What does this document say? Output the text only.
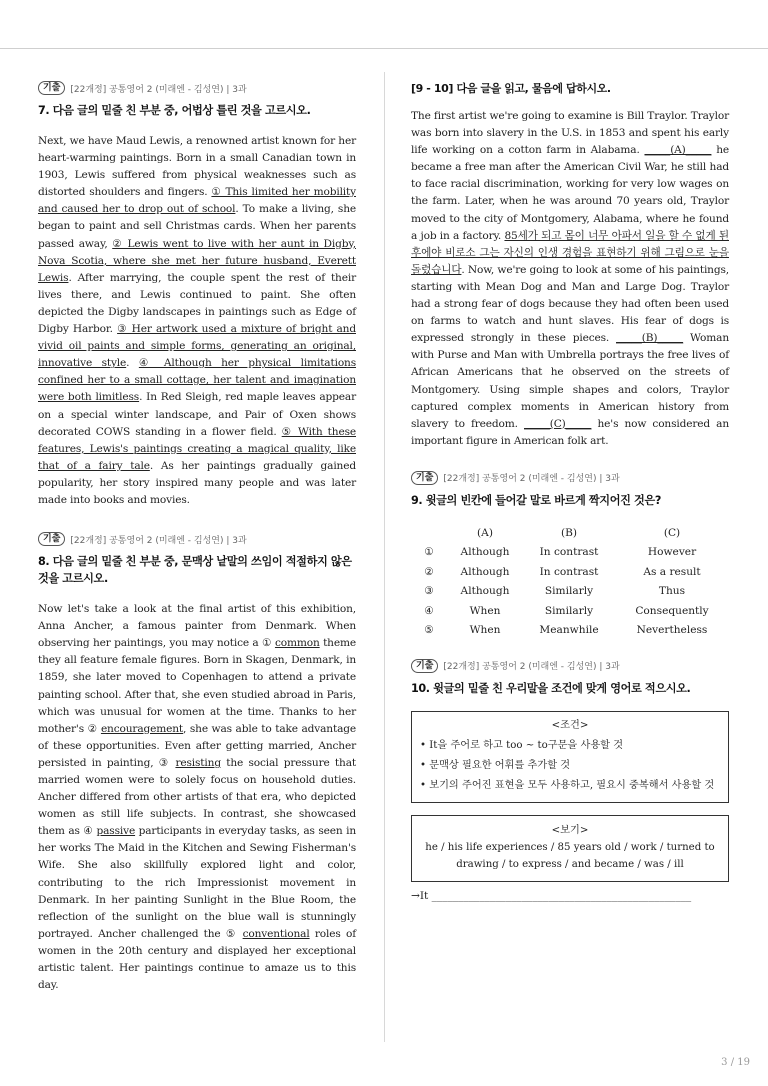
기출	[22개정] 공통영어 2 (미래엔 - 김성연) | 3과
7. 다음 글의 밑줄 친 부분 중, 어법상 틀린 것을 고르시오.

Next, we have Maud Lewis, a renowned artist known for her heart-warming paintings. Born in a small Canadian town in 1903, Lewis suffered from physical weaknesses such as distorted shoulders and fingers. ① This limited her mobility and caused her to drop out of school. To make a living, she began to paint and sell Christmas cards. When her parents passed away, ② Lewis went to live with her aunt in Digby, Nova Scotia, where she met her future husband, Everett Lewis. After marrying, the couple spent the rest of their lives there, and Lewis continued to paint. She often depicted the Digby landscapes in paintings such as Edge of Digby Harbor. ③ Her artwork used a mixture of bright and vivid oil paints and simple forms, generating an original, innovative style. ④ Although her physical limitations confined her to a small cottage, her talent and imagination were both limitless. In Red Sleigh, red maple leaves appear on a special winter landscape, and Pair of Oxen shows decorated COWS standing in a flower field. ⑤ With these features, Lewis's paintings creating a magical quality, like that of a fairy tale. As her paintings gradually gained popularity, her story inspired many people and was later made into books and movies.

기출	[22개정] 공통영어 2 (미래엔 - 김성연) | 3과
8. 다음 글의 밑줄 친 부분 중, 문맥상 낱말의 쓰임이 적절하지 않은 것을 고르시오.

Now let's take a look at the final artist of this exhibition, Anna Ancher, a famous painter from Denmark. When observing her paintings, you may notice a ① common theme they all feature female figures. Born in Skagen, Denmark, in 1859, she later moved to Copenhagen to attend a private painting school. After that, she even studied abroad in Paris, which was unusual for women at the time. Thanks to her mother's ② encouragement, she was able to take advantage of these opportunities. Even after getting married, Ancher persisted in painting, ③ resisting the social pressure that married women were to solely focus on household duties. Ancher differed from other artists of that era, who depicted women as still life subjects. In contrast, she showcased them as ④ passive participants in everyday tasks, as seen in her works The Maid in the Kitchen and Sewing Fisherman's Wife. She also skillfully explored light and color, contributing to the rich Impressionist movement in Denmark. In her painting Sunlight in the Blue Room, the reflection of the sunlight on the blue wall is stunningly portrayed. Ancher challenged the ⑤ conventional roles of women in the 20th century and displayed her exceptional artistic talent. Her paintings continue to amaze us to this day.

[9 - 10] 다음 글을 읽고, 물음에 답하시오.

The first artist we're going to examine is Bill Traylor. Traylor was born into slavery in the U.S. in 1853 and spent his early life working on a cotton farm in Alabama. _____(A)_____ he became a free man after the American Civil War, he still had to face racial discrimination, working for very low wages on the farm. Later, when he was around 70 years old, Traylor moved to the city of Montgomery, Alabama, where he found a job in a factory. 85세가 되고 몸이 너무 아파서 일을 할 수 없게 된 후에야 비로소 그는 자신의 인생 경험을 표현하기 위해 그림으로 눈을 돌렸습니다. Now, we're going to look at some of his paintings, starting with Mean Dog and Man and Large Dog. Traylor had a strong fear of dogs because they had often been used on farms to watch and hunt slaves. His fear of dogs is expressed strongly in these pieces. _____(B)_____ Woman with Purse and Man with Umbrella portrays the free lives of African Americans that he observed on the streets of Montgomery. Using simple shapes and colors, Traylor captured complex moments in American history from slavery to freedom. _____(C)_____ he's now considered an important figure in American folk art.

기출	[22개정] 공통영어 2 (미래엔 - 김성연) | 3과
9. 윗글의 빈칸에 들어갈 말로 바르게 짝지어진 것은?
	(A)	(B)	(C)
①	Although	In contrast	However
②	Although	In contrast	As a result
③	Although	Similarly	Thus
④	When	Similarly	Consequently
⑤	When	Meanwhile	Nevertheless
기출	[22개정] 공통영어 2 (미래엔 - 김성연) | 3과
10. 윗글의 밑줄 친 우리말을 조건에 맞게 영어로 적으시오.
<조건>
• It을 주어로 하고 too ~ to구문을 사용할 것
• 문맥상 필요한 어휘를 추가할 것
• 보기의 주어진 표현을 모두 사용하고, 필요시 중복해서 사용할 것
<보기>
he / his life experiences / 85 years old / work / turned to drawing / to express / and became / was / ill
→It _________________________________________________
3 / 19
